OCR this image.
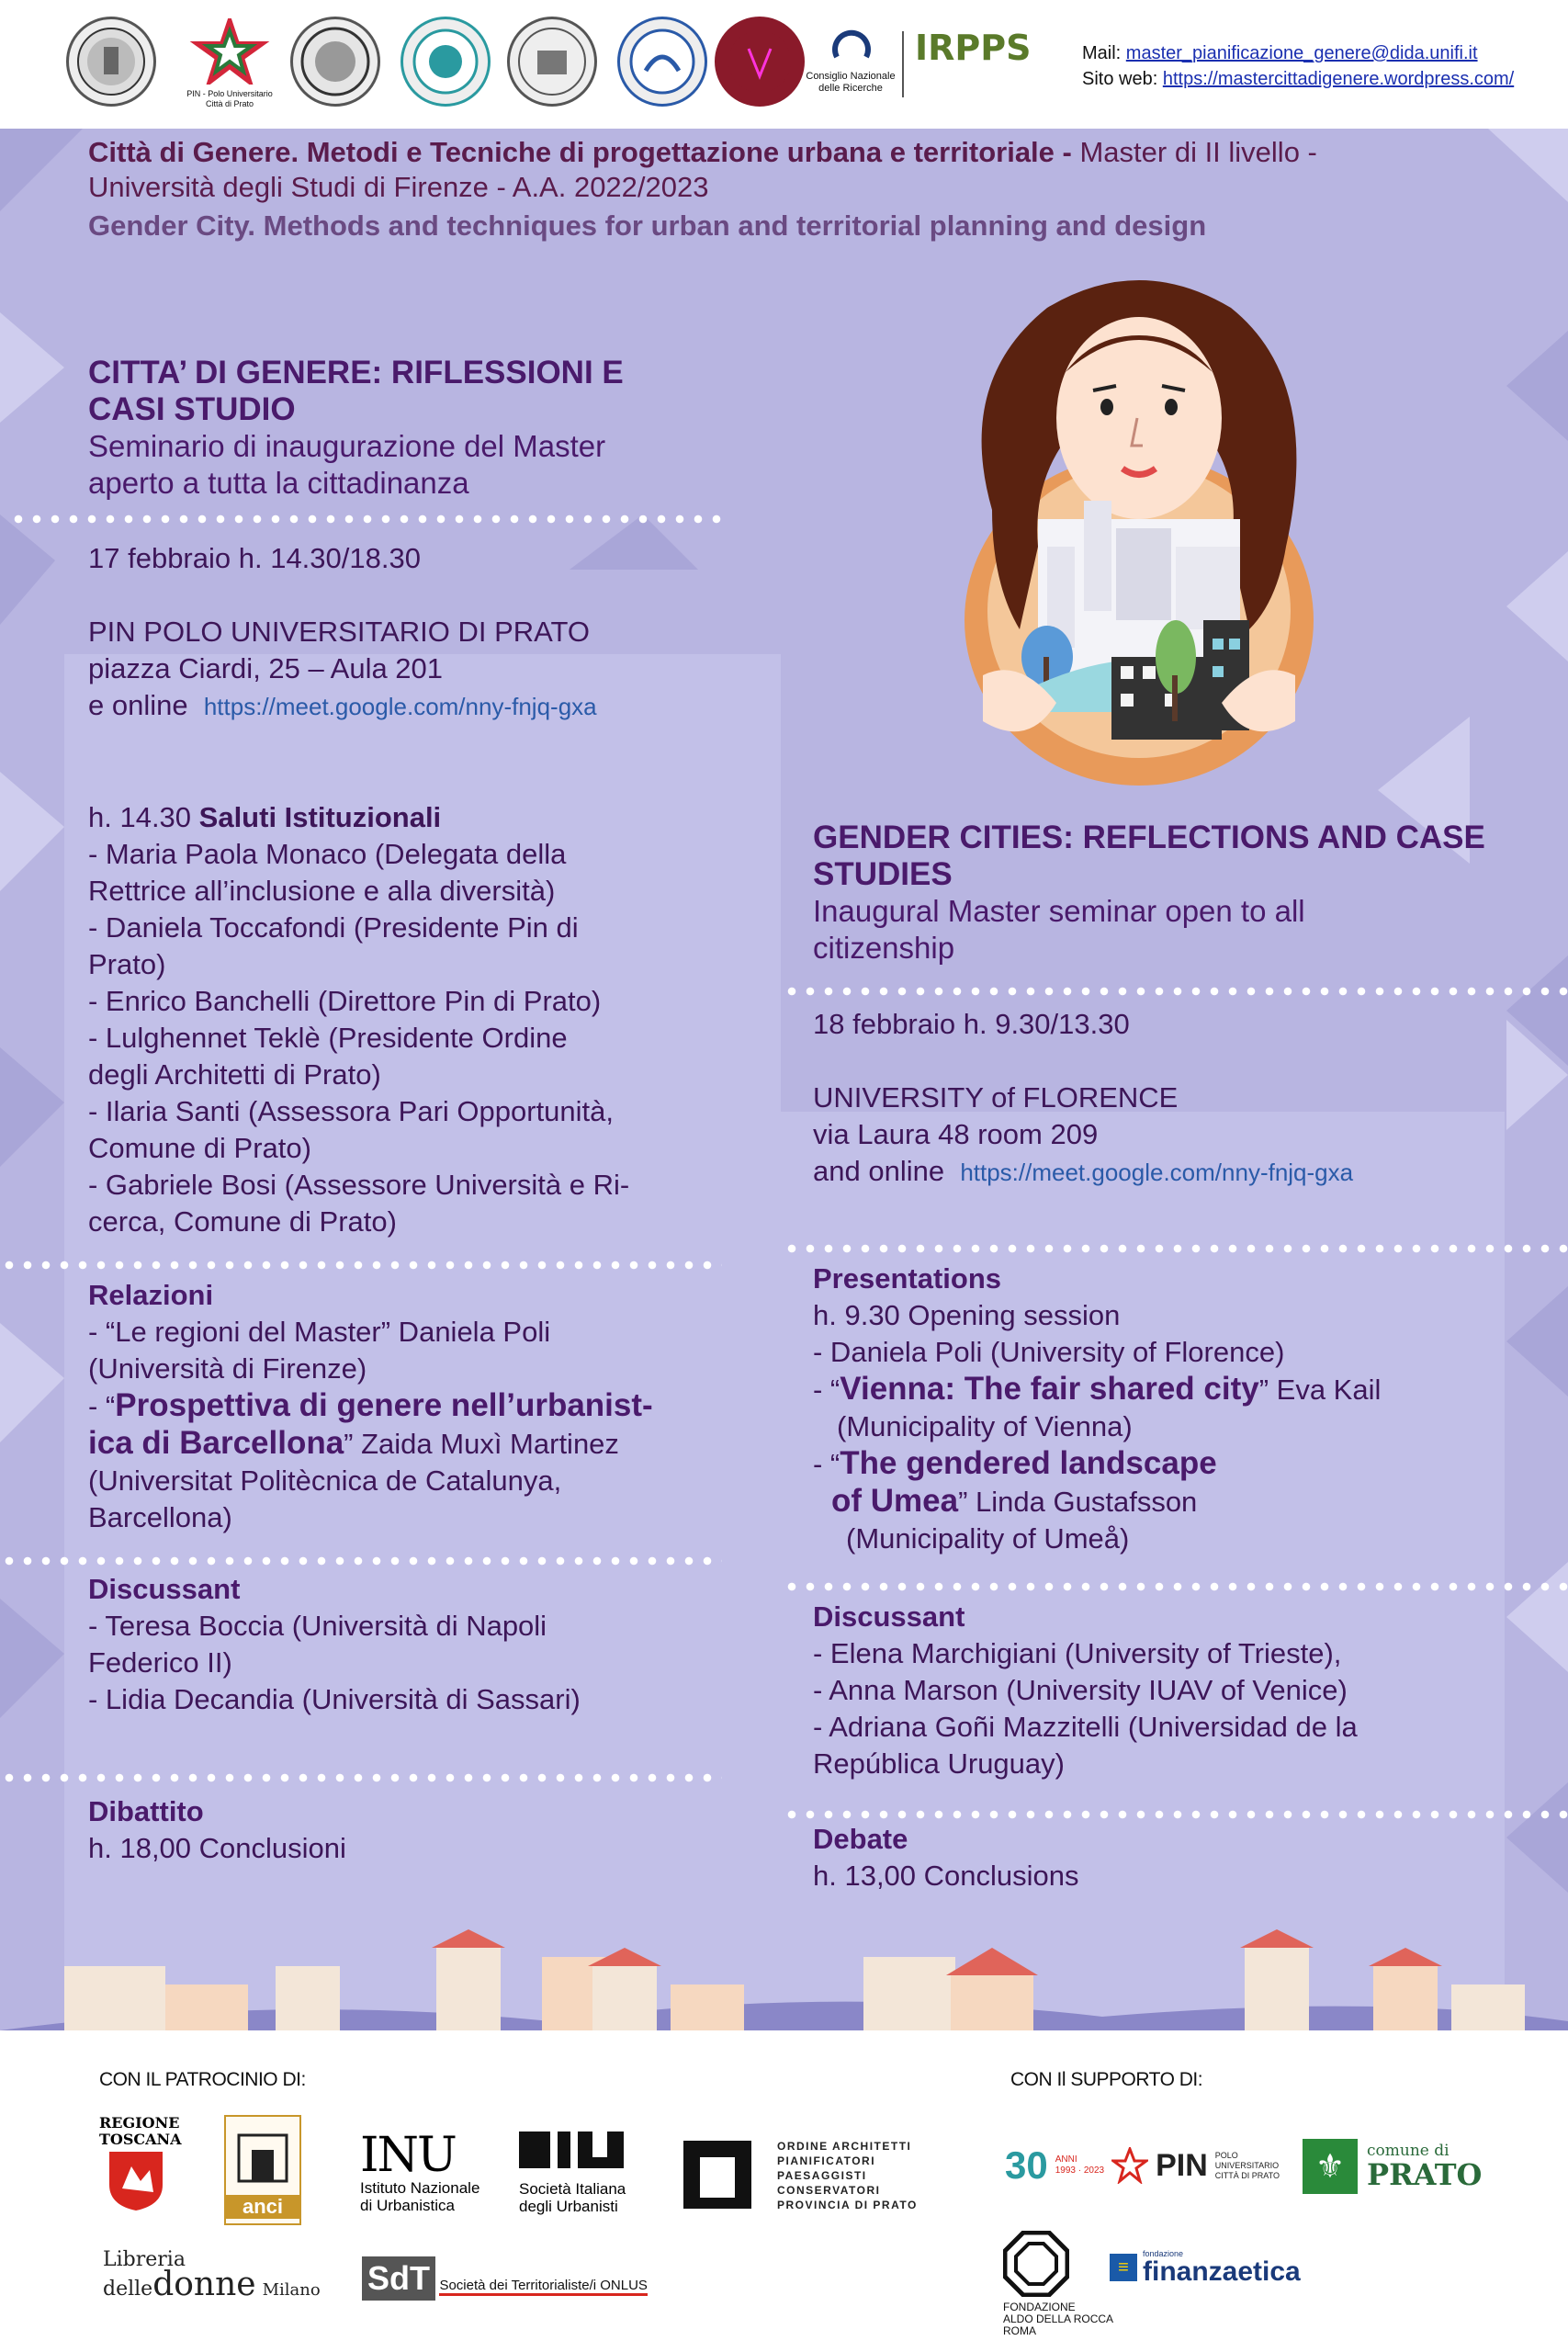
PIN - Polo Universitario Città di Prato
Consiglio Nazionale delle Ricerche
IRPPS	Mail: master_pianificazione_genere@dida.unifi.it
Sito web: https://mastercittadigenere.wordpress.com/
Città di Genere. Metodi e Tecniche di progettazione urbana e territoriale - Master di II livello -
Università degli Studi di Firenze - A.A. 2022/2023
Gender City. Methods and techniques for urban and territorial planning and design
CITTA’ DI GENERE: RIFLESSIONI E
CASI STUDIO
Seminario di inaugurazione del Master
aperto a tutta la cittadinanza
17 febbraio h. 14.30/18.30
PIN POLO UNIVERSITARIO DI PRATO
piazza Ciardi, 25 – Aula 201
e online https://meet.google.com/nny-fnjq-gxa
h. 14.30 Saluti Istituzionali
- Maria Paola Monaco (Delegata della
Rettrice all’inclusione e alla diversità)
- Daniela Toccafondi (Presidente Pin di
Prato)
- Enrico Banchelli (Direttore Pin di Prato)
- Lulghennet Teklè (Presidente Ordine
degli Architetti di Prato)
- Ilaria Santi (Assessora Pari Opportunità,
Comune di Prato)
- Gabriele Bosi (Assessore Università e Ri-
cerca, Comune di Prato)
Relazioni
- “Le regioni del Master” Daniela Poli
(Università di Firenze)
- “Prospettiva di genere nell’urbanist-
ica di Barcellona” Zaida Muxì Martinez
(Universitat Politècnica de Catalunya,
Barcellona)
Discussant
- Teresa Boccia (Università di Napoli
Federico II)
- Lidia Decandia (Università di Sassari)
Dibattito
h. 18,00 Conclusioni
GENDER CITIES: REFLECTIONS AND CASE
STUDIES
Inaugural Master seminar open to all
citizenship
18 febbraio h. 9.30/13.30
UNIVERSITY of FLORENCE
via Laura 48 room 209
and online https://meet.google.com/nny-fnjq-gxa
Presentations
h. 9.30 Opening session
- Daniela Poli (University of Florence)
- “Vienna: The fair shared city” Eva Kail
(Municipality of Vienna)
- “The gendered landscape
of Umea” Linda Gustafsson
(Municipality of Umeå)
Discussant
- Elena Marchigiani (University of Trieste),
- Anna Marson (University IUAV of Venice)
- Adriana Goñi Mazzitelli (Universidad de la
República Uruguay)
Debate
h. 13,00 Conclusions
CON IL PATROCINIO DI:	CON Il SUPPORTO DI:
REGIONE
TOSCANA
anci
INU
Istituto Nazionale
di Urbanistica
Società Italiana
degli Urbanisti
ORDINE ARCHITETTI
PIANIFICATORI
PAESAGGISTI
CONSERVATORI
PROVINCIA DI PRATO
Libreria
delledonne Milano SdT Società dei Territorialiste/i ONLUS
30 ANNI
1993 · 2023 PIN POLO
UNIVERSITARIO
CITTÀ DI PRATO	⚜	comune di
PRATO
FONDAZIONE
ALDO DELLA ROCCA
ROMA
≡
fondazione
finanzaetica
